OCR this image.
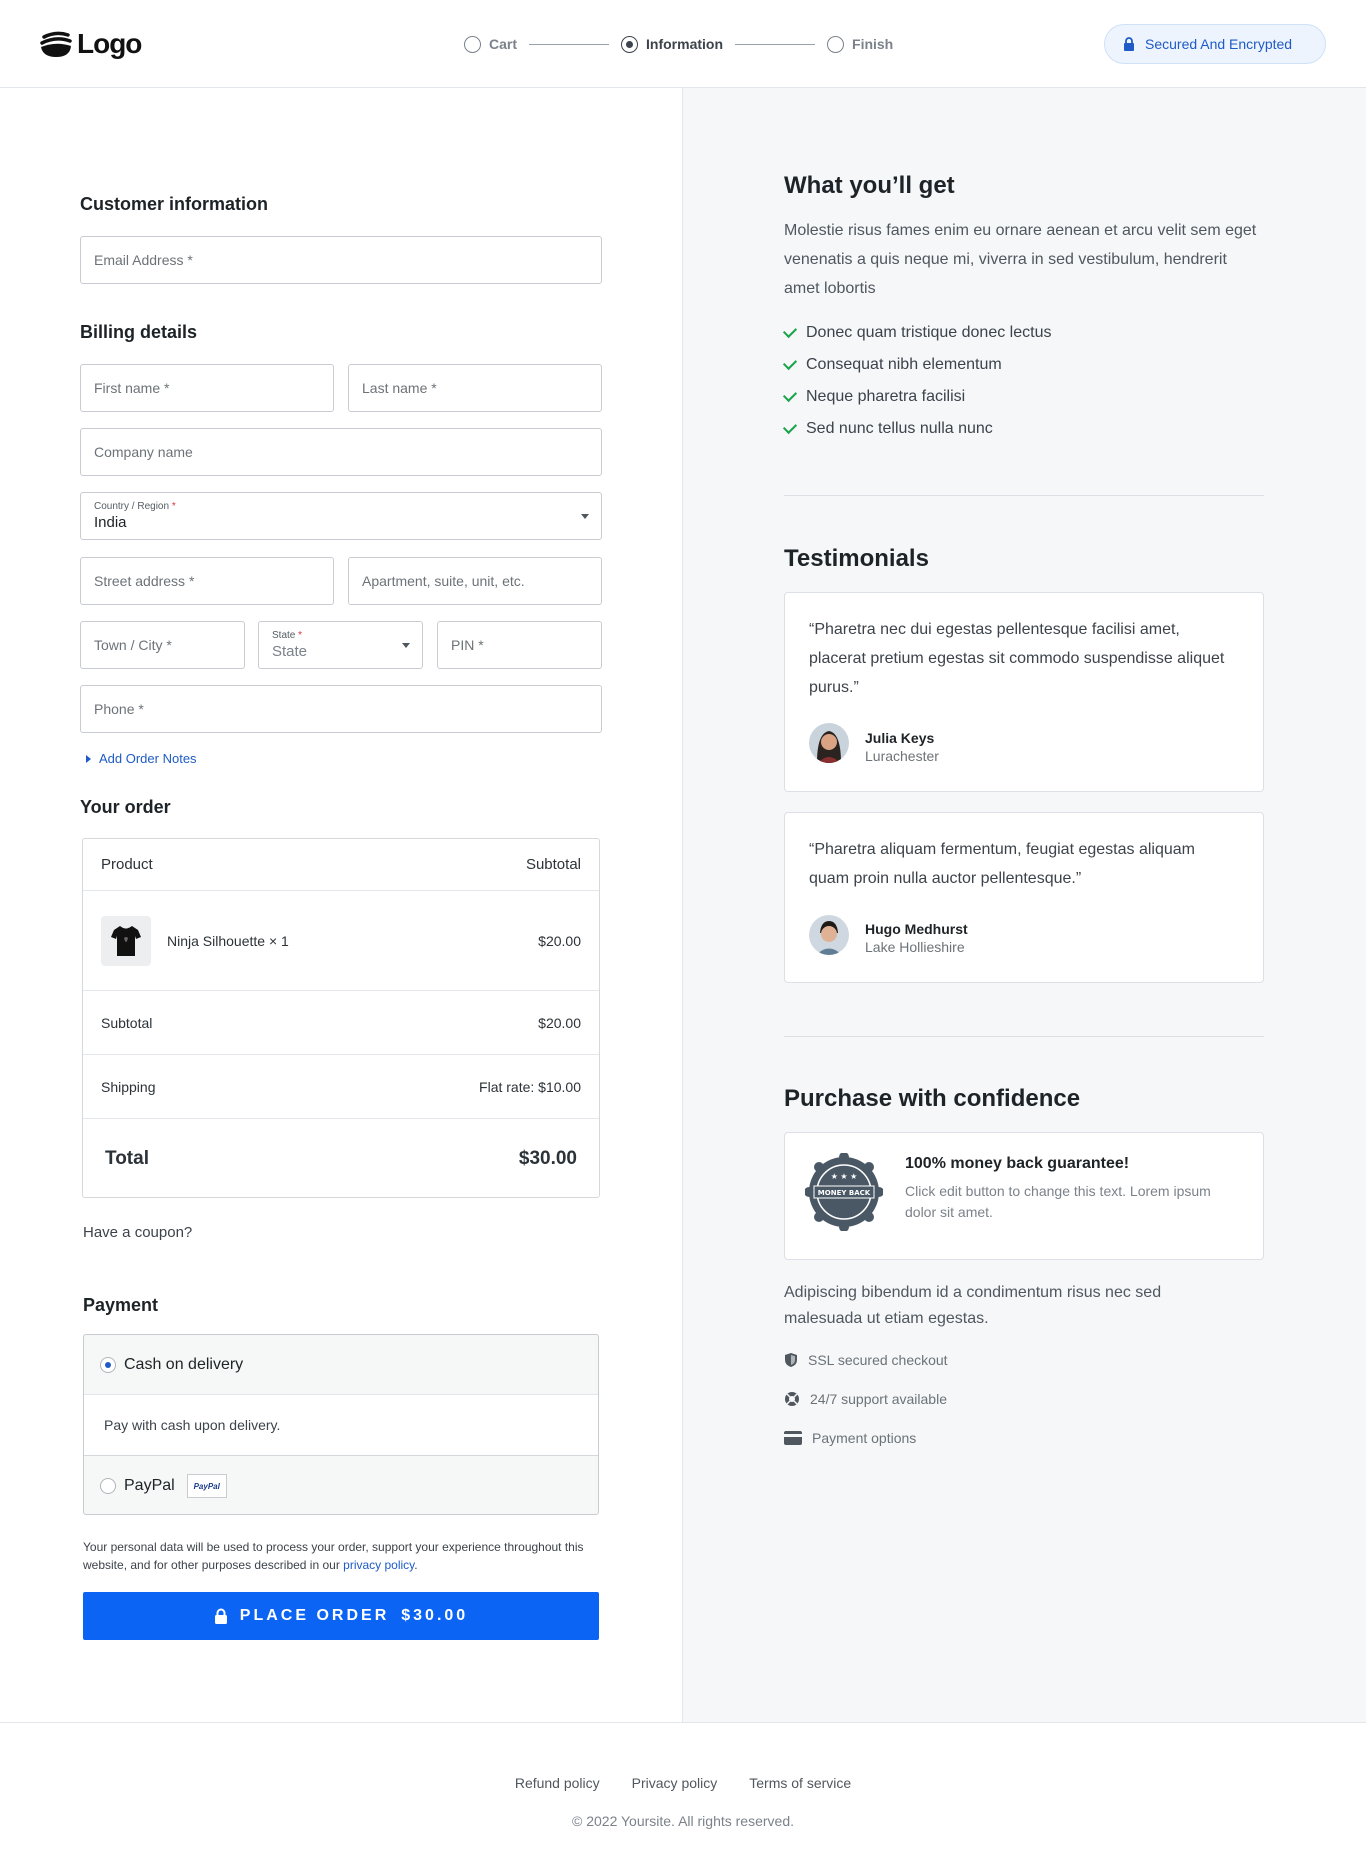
Logo	Cart	Information	Finish	Secured And Encrypted
Customer information
Email Address *
Billing details
First name *	Last name *
Company name
Country / Region *
India
Street address *	Apartment, suite, unit, etc.
Town / City *
State *
State	PIN *
Phone *
Add Order Notes
Your order
Product	Subtotal
Ninja Silhouette × 1	$20.00
Subtotal	$20.00
Shipping	Flat rate: $10.00
Total	$30.00
Have a coupon?
Payment
Cash on delivery
Pay with cash upon delivery.
PayPal	PayPal
Your personal data will be used to process your order, support your experience throughout this website, and for other purposes described in our privacy policy.
PLACE ORDER $30.00
What you’ll get
Molestie risus fames enim eu ornare aenean et arcu velit sem eget venenatis a quis neque mi, viverra in sed vestibulum, hendrerit amet lobortis
Donec quam tristique donec lectus
Consequat nibh elementum
Neque pharetra facilisi
Sed nunc tellus nulla nunc
Testimonials
“Pharetra nec dui egestas pellentesque facilisi amet, placerat pretium egestas sit commodo suspendisse aliquet purus.”
Julia Keys
Lurachester
“Pharetra aliquam fermentum, feugiat egestas aliquam quam proin nulla auctor pellentesque.”
Hugo Medhurst
Lake Hollieshire
Purchase with confidence
MONEY BACK
★ ★ ★
100% money back guarantee!
Click edit button to change this text. Lorem ipsum dolor sit amet.
Adipiscing bibendum id a condimentum risus nec sed malesuada ut etiam egestas.
SSL secured checkout
24/7 support available
Payment options
Refund policy Privacy policy Terms of service
© 2022 Yoursite. All rights reserved.
